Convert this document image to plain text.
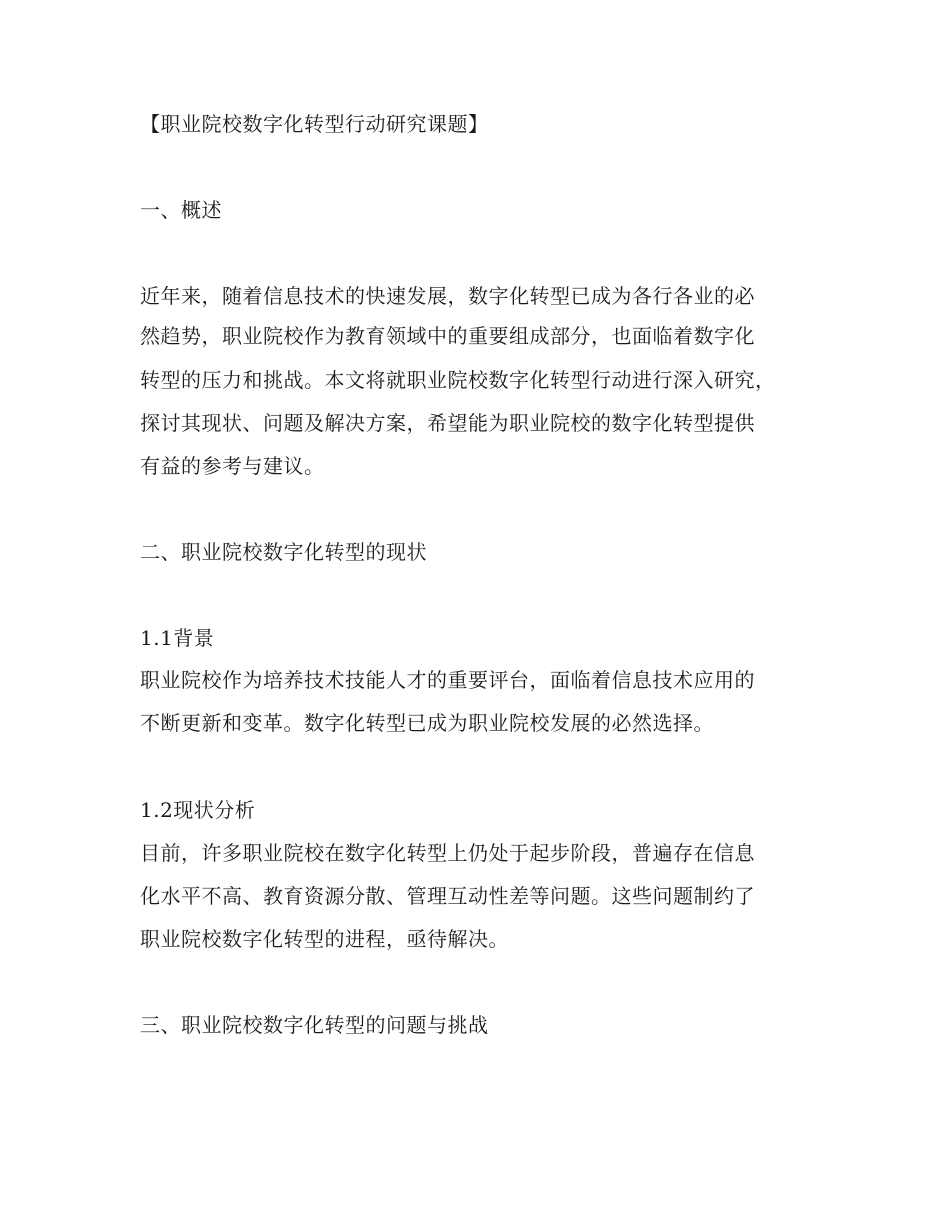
【职业院校数字化转型行动研究课题】
一、概述
近年来，随着信息技术的快速发展，数字化转型已成为各行各业的必
然趋势，职业院校作为教育领域中的重要组成部分，也面临着数字化
转型的压力和挑战。本文将就职业院校数字化转型行动进行深入研究，
探讨其现状、问题及解决方案，希望能为职业院校的数字化转型提供
有益的参考与建议。
二、职业院校数字化转型的现状
1.1背景
职业院校作为培养技术技能人才的重要评台，面临着信息技术应用的
不断更新和变革。数字化转型已成为职业院校发展的必然选择。
1.2现状分析
目前，许多职业院校在数字化转型上仍处于起步阶段，普遍存在信息
化水平不高、教育资源分散、管理互动性差等问题。这些问题制约了
职业院校数字化转型的进程，亟待解决。
三、职业院校数字化转型的问题与挑战
